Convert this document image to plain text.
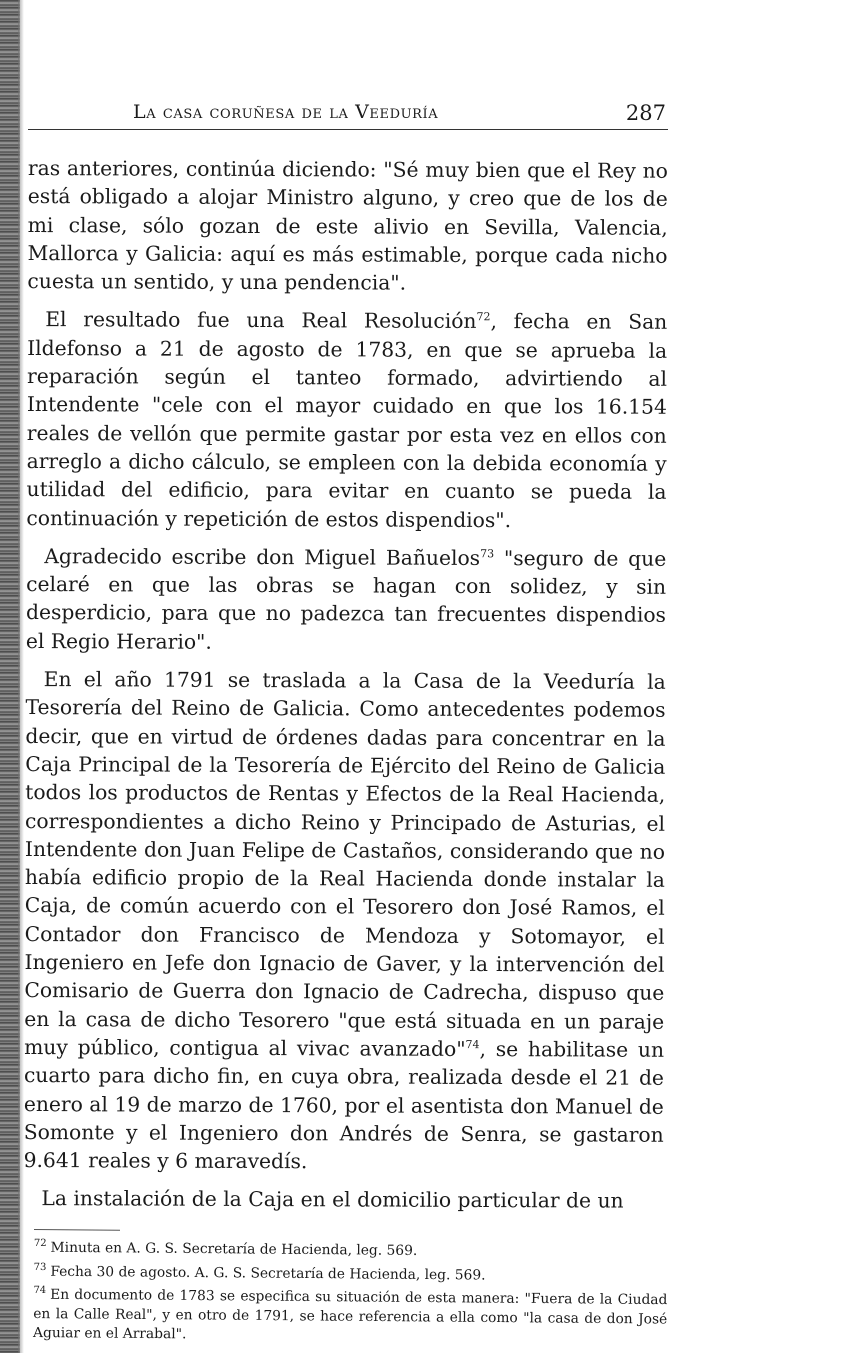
La casa coruñesa de la Veeduría	287

ras anteriores, continúa diciendo: "Sé muy bien que el Rey no está obligado a alojar Ministro alguno, y creo que de los de mi clase, sólo gozan de este alivio en Sevilla, Valencia, Mallorca y Galicia: aquí es más estimable, porque cada nicho cuesta un sentido, y una pendencia".

El resultado fue una Real Resolución$^{72}$, fecha en San Ildefonso a 21 de agosto de 1783, en que se aprueba la reparación según el tanteo formado, advirtiendo al Intendente "cele con el mayor cuidado en que los 16.154 reales de vellón que permite gastar por esta vez en ellos con arreglo a dicho cálculo, se empleen con la debida economía y utilidad del edificio, para evitar en cuanto se pueda la continuación y repetición de estos dispendios".

Agradecido escribe don Miguel Bañuelos$^{73}$ "seguro de que celaré en que las obras se hagan con solidez, y sin desperdicio, para que no padezca tan frecuentes dispendios el Regio Herario".

En el año 1791 se traslada a la Casa de la Veeduría la Tesorería del Reino de Galicia. Como antecedentes podemos decir, que en virtud de órdenes dadas para concentrar en la Caja Principal de la Tesorería de Ejército del Reino de Galicia todos los productos de Rentas y Efectos de la Real Hacienda, correspondientes a dicho Reino y Principado de Asturias, el Intendente don Juan Felipe de Castaños, considerando que no había edificio propio de la Real Hacienda donde instalar la Caja, de común acuerdo con el Tesorero don José Ramos, el Contador don Francisco de Mendoza y Sotomayor, el Ingeniero en Jefe don Ignacio de Gaver, y la intervención del Comisario de Guerra don Ignacio de Cadrecha, dispuso que en la casa de dicho Tesorero "que está situada en un paraje muy público, contigua al vivac avanzado"$^{74}$, se habilitase un cuarto para dicho fin, en cuya obra, realizada desde el 21 de enero al 19 de marzo de 1760, por el asentista don Manuel de Somonte y el Ingeniero don Andrés de Senra, se gastaron 9.641 reales y 6 maravedís.

La instalación de la Caja en el domicilio particular de un

$^{72}$ Minuta en A. G. S. Secretaría de Hacienda, leg. 569.

$^{73}$ Fecha 30 de agosto. A. G. S. Secretaría de Hacienda, leg. 569.

$^{74}$ En documento de 1783 se especifica su situación de esta manera: "Fuera de la Ciudad en la Calle Real", y en otro de 1791, se hace referencia a ella como "la casa de don José Aguiar en el Arrabal".
